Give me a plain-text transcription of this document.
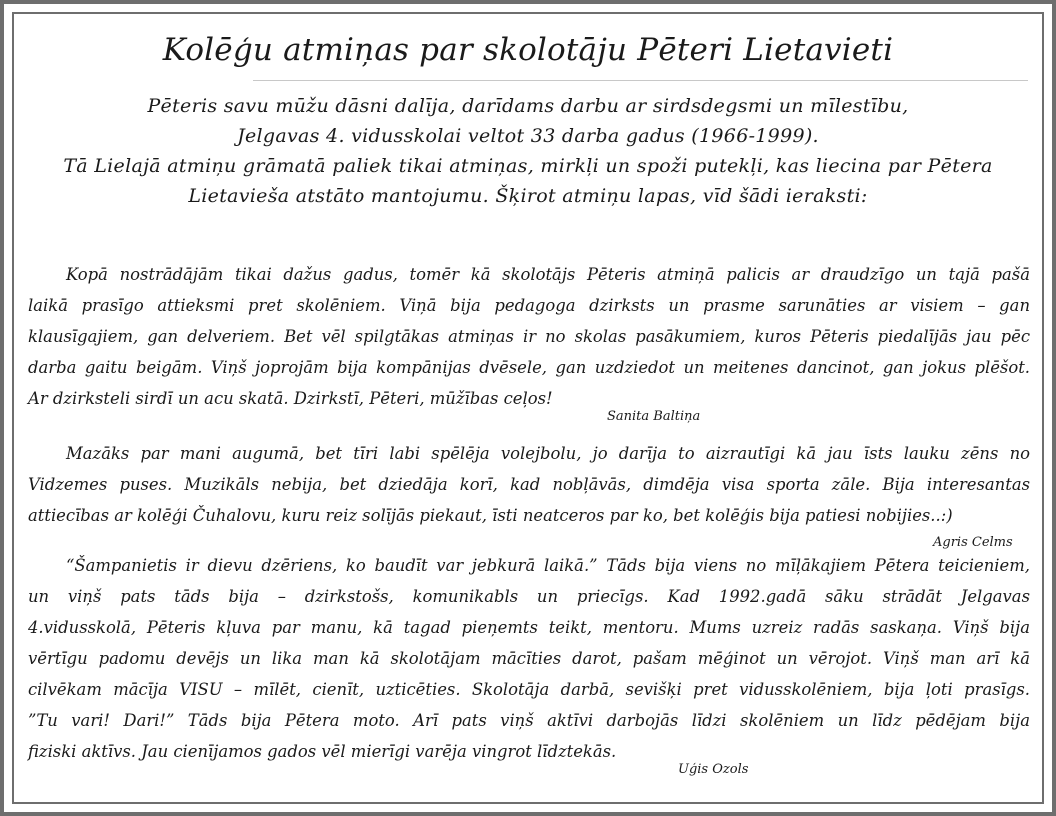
Kolēģu atmiņas par skolotāju Pēteri Lietavieti
Pēteris savu mūžu dāsni dalīja, darīdams darbu ar sirdsdegsmi un mīlestību,
Jelgavas 4. vidusskolai veltot 33 darba gadus (1966-1999).
Tā Lielajā atmiņu grāmatā paliek tikai atmiņas, mirkļi un spoži putekļi, kas liecina par Pētera
Lietavieša atstāto mantojumu. Šķirot atmiņu lapas, vīd šādi ieraksti:
Kopā nostrādājām tikai dažus gadus, tomēr kā skolotājs Pēteris atmiņā palicis ar draudzīgo un tajā pašā
laikā prasīgo attieksmi pret skolēniem. Viņā bija pedagoga dzirksts un prasme sarunāties ar visiem – gan
klausīgajiem, gan delveriem. Bet vēl spilgtākas atmiņas ir no skolas pasākumiem, kuros Pēteris piedalījās jau pēc
darba gaitu beigām. Viņš joprojām bija kompānijas dvēsele, gan uzdziedot un meitenes dancinot, gan jokus plēšot.
Ar dzirksteli sirdī un acu skatā. Dzirkstī, Pēteri, mūžības ceļos!
Sanita Baltiņa
Mazāks par mani augumā, bet tīri labi spēlēja volejbolu, jo darīja to aizrautīgi kā jau īsts lauku zēns no
Vidzemes puses. Muzikāls nebija, bet dziedāja korī, kad nobļāvās, dimdēja visa sporta zāle. Bija interesantas
attiecības ar kolēģi Čuhalovu, kuru reiz solījās piekaut, īsti neatceros par ko, bet kolēģis bija patiesi nobijies..:)
Agris Celms
“Šampanietis ir dievu dzēriens, ko baudīt var jebkurā laikā.” Tāds bija viens no mīļākajiem Pētera teicieniem,
un viņš pats tāds bija – dzirkstošs, komunikabls un priecīgs. Kad 1992.gadā sāku strādāt Jelgavas
4.vidusskolā, Pēteris kļuva par manu, kā tagad pieņemts teikt, mentoru. Mums uzreiz radās saskaņa. Viņš bija
vērtīgu padomu devējs un lika man kā skolotājam mācīties darot, pašam mēģinot un vērojot. Viņš man arī kā
cilvēkam mācīja VISU – mīlēt, cienīt, uzticēties. Skolotāja darbā, sevišķi pret vidusskolēniem, bija ļoti prasīgs.
”Tu vari! Dari!” Tāds bija Pētera moto. Arī pats viņš aktīvi darbojās līdzi skolēniem un līdz pēdējam bija
fiziski aktīvs. Jau cienījamos gados vēl mierīgi varēja vingrot līdztekās.
Uģis Ozols
